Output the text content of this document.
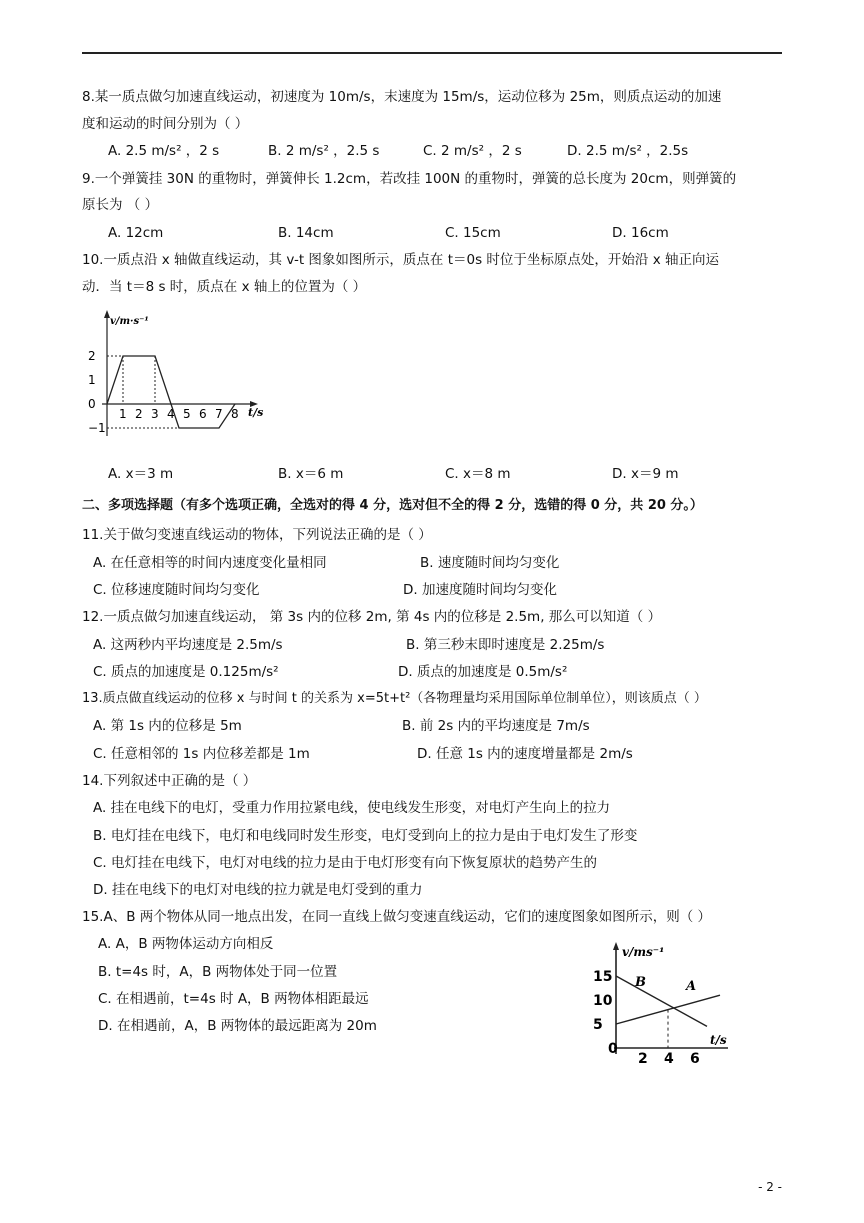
8.某一质点做匀加速直线运动，初速度为 10m/s，末速度为 15m/s，运动位移为 25m，则质点运动的加速
度和运动的时间分别为（ ）
A. 2.5 m/s² ，2 s	B. 2 m/s² ，2.5 s	C. 2 m/s² ，2 s	D. 2.5 m/s² ，2.5s
9.一个弹簧挂 30N 的重物时，弹簧伸长 1.2cm，若改挂 100N 的重物时，弹簧的总长度为 20cm，则弹簧的
原长为 （ ）
A. 12cm	B. 14cm	C. 15cm	D. 16cm
10.一质点沿 x 轴做直线运动，其 v-t 图象如图所示，质点在 t＝0s 时位于坐标原点处，开始沿 x 轴正向运
动．当 t＝8 s 时，质点在 x 轴上的位置为（ ）
v/m·s⁻¹
t/s
2
1
0
−1
1 2 3 4 5 6 7 8
A. x＝3 m	B. x＝6 m	C. x＝8 m	D. x＝9 m
二、多项选择题（有多个选项正确，全选对的得 4 分，选对但不全的得 2 分，选错的得 0 分，共 20 分。）
11.关于做匀变速直线运动的物体，下列说法正确的是（ ）
A. 在任意相等的时间内速度变化量相同	B. 速度随时间均匀变化
C. 位移速度随时间均匀变化	D. 加速度随时间均匀变化
12.一质点做匀加速直线运动， 第 3s 内的位移 2m, 第 4s 内的位移是 2.5m, 那么可以知道（ ）
A. 这两秒内平均速度是 2.5m/s	B. 第三秒末即时速度是 2.25m/s
C. 质点的加速度是 0.125m/s²	D. 质点的加速度是 0.5m/s²
13.质点做直线运动的位移 x 与时间 t 的关系为 x=5t+t²（各物理量均采用国际单位制单位），则该质点（ ）
A. 第 1s 内的位移是 5m	B. 前 2s 内的平均速度是 7m/s
C. 任意相邻的 1s 内位移差都是 1m	D. 任意 1s 内的速度增量都是 2m/s
14.下列叙述中正确的是（ ）
A. 挂在电线下的电灯，受重力作用拉紧电线，使电线发生形变，对电灯产生向上的拉力
B. 电灯挂在电线下，电灯和电线同时发生形变，电灯受到向上的拉力是由于电灯发生了形变
C. 电灯挂在电线下，电灯对电线的拉力是由于电灯形变有向下恢复原状的趋势产生的
D. 挂在电线下的电灯对电线的拉力就是电灯受到的重力
15.A、B 两个物体从同一地点出发，在同一直线上做匀变速直线运动，它们的速度图象如图所示，则（ ）
A. A，B 两物体运动方向相反
B. t=4s 时，A，B 两物体处于同一位置
C. 在相遇前，t=4s 时 A，B 两物体相距最远
D. 在相遇前，A，B 两物体的最远距离为 20m
v/ms⁻¹
t/s
15
10
5
0
2 4 6
A
B
- 2 -
